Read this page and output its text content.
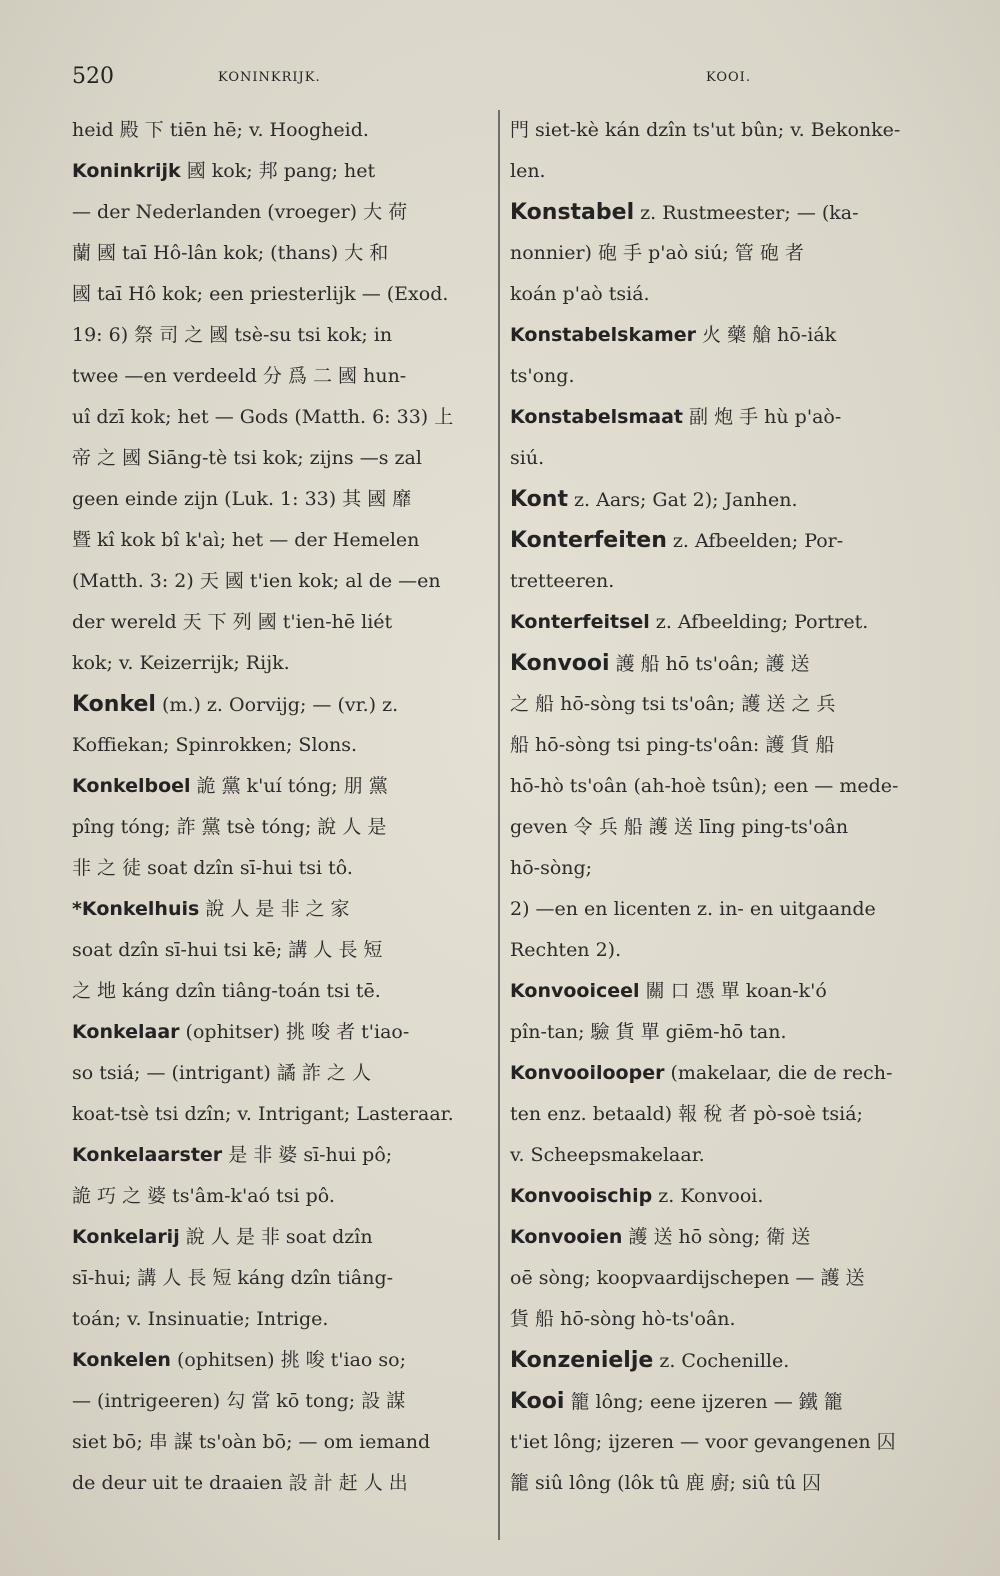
520	KONINKRIJK.	KOOI.
heid 殿 下 tiēn hē; v. Hoogheid.
Koninkrijk 國 kok; 邦 pang; het
— der Nederlanden (vroeger) 大 荷
蘭 國 taī Hô-lân kok; (thans) 大 和
國 taī Hô kok; een priesterlijk — (Exod.
19: 6) 祭 司 之 國 tsè-su tsi kok; in
twee —en verdeeld 分 爲 二 國 hun-
uî dzī kok; het — Gods (Matth. 6: 33) 上
帝 之 國 Siāng-tè tsi kok; zijns —s zal
geen einde zijn (Luk. 1: 33) 其 國 靡
暨 kî kok bî k'aì; het — der Hemelen
(Matth. 3: 2) 天 國 t'ien kok; al de —en
der wereld 天 下 列 國 t'ien-hē liét
kok; v. Keizerrijk; Rijk.
Konkel (m.) z. Oorvijg; — (vr.) z.
Koffiekan; Spinrokken; Slons.
Konkelboel 詭 黨 k'uí tóng; 朋 黨
pîng tóng; 詐 黨 tsè tóng; 說 人 是
非 之 徒 soat dzîn sī-hui tsi tô.
*Konkelhuis 說 人 是 非 之 家
soat dzîn sī-hui tsi kē; 講 人 長 短
之 地 káng dzîn tiâng-toán tsi tē.
Konkelaar (ophitser) 挑 唆 者 t'iao-
so tsiá; — (intrigant) 譎 詐 之 人
koat-tsè tsi dzîn; v. Intrigant; Lasteraar.
Konkelaarster 是 非 婆 sī-hui pô;
詭 巧 之 婆 ts'âm-k'aó tsi pô.
Konkelarij 說 人 是 非 soat dzîn
sī-hui; 講 人 長 短 káng dzîn tiâng-
toán; v. Insinuatie; Intrige.
Konkelen (ophitsen) 挑 唆 t'iao so;
— (intrigeeren) 勾 當 kō tong; 設 謀
siet bō; 串 謀 ts'oàn bō; — om iemand
de deur uit te draaien 設 計 赶 人 出
門 siet-kè kán dzîn ts'ut bûn; v. Bekonke-
len.
Konstabel z. Rustmeester; — (ka-
nonnier) 砲 手 p'aò siú; 管 砲 者
koán p'aò tsiá.
Konstabelskamer 火 藥 艙 hō-iák
ts'ong.
Konstabelsmaat 副 炮 手 hù p'aò-
siú.
Kont z. Aars; Gat 2); Janhen.
Konterfeiten z. Afbeelden; Por-
tretteeren.
Konterfeitsel z. Afbeelding; Portret.
Konvooi 護 船 hō ts'oân; 護 送
之 船 hō-sòng tsi ts'oân; 護 送 之 兵
船 hō-sòng tsi ping-ts'oân: 護 貨 船
hō-hò ts'oân (ah-hoè tsûn); een — mede-
geven 令 兵 船 護 送 līng ping-ts'oân
hō-sòng;
2) —en en licenten z. in- en uitgaande
Rechten 2).
Konvooiceel 關 口 憑 單 koan-k'ó
pîn-tan; 驗 貨 單 giēm-hō tan.
Konvooilooper (makelaar, die de rech-
ten enz. betaald) 報 稅 者 pò-soè tsiá;
v. Scheepsmakelaar.
Konvooischip z. Konvooi.
Konvooien 護 送 hō sòng; 衛 送
oē sòng; koopvaardijschepen — 護 送
貨 船 hō-sòng hò-ts'oân.
Konzenielje z. Cochenille.
Kooi 籠 lông; eene ijzeren — 鐵 籠
t'iet lông; ijzeren — voor gevangenen 囚
籠 siû lông (lôk tû 鹿 廚; siû tû 囚
